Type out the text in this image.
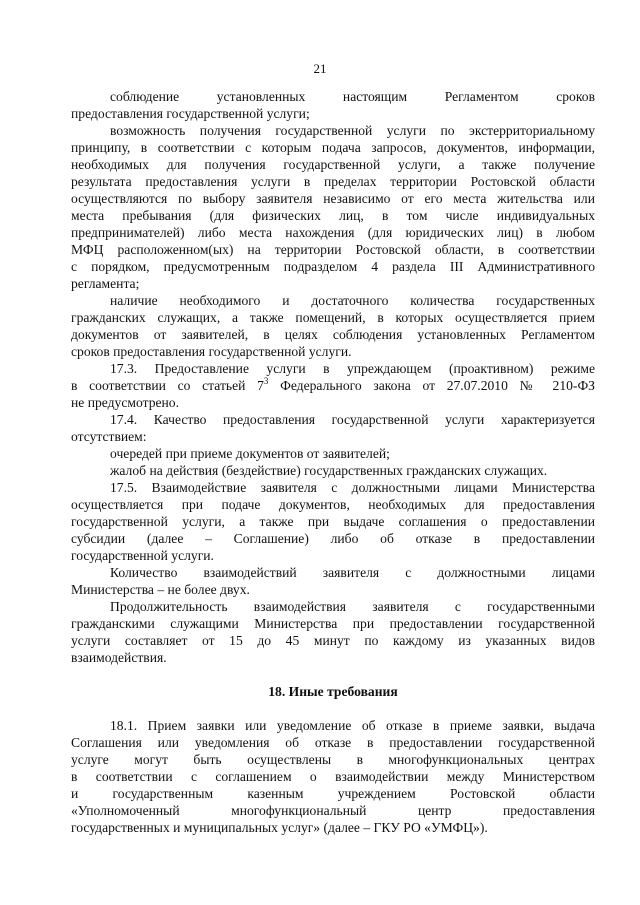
21
соблюдение установленных настоящим Регламентом сроков
предоставления государственной услуги;
возможность получения государственной услуги по экстерриториальному
принципу, в соответствии с которым подача запросов, документов, информации,
необходимых для получения государственной услуги, а также получение
результата предоставления услуги в пределах территории Ростовской области
осуществляются по выбору заявителя независимо от его места жительства или
места пребывания (для физических лиц, в том числе индивидуальных
предпринимателей) либо места нахождения (для юридических лиц) в любом
МФЦ расположенном(ых) на территории Ростовской области, в соответствии
с порядком, предусмотренным подразделом 4 раздела III Административного
регламента;
наличие необходимого и достаточного количества государственных
гражданских служащих, а также помещений, в которых осуществляется прием
документов от заявителей, в целях соблюдения установленных Регламентом
сроков предоставления государственной услуги.
17.3. Предоставление услуги в упреждающем (проактивном) режиме
в соответствии со статьей $7^3$ Федерального закона от 27.07.2010 № 210-ФЗ
не предусмотрено.
17.4. Качество предоставления государственной услуги характеризуется
отсутствием:
очередей при приеме документов от заявителей;
жалоб на действия (бездействие) государственных гражданских служащих.
17.5. Взаимодействие заявителя с должностными лицами Министерства
осуществляется при подаче документов, необходимых для предоставления
государственной услуги, а также при выдаче соглашения о предоставлении
субсидии (далее – Соглашение) либо об отказе в предоставлении
государственной услуги.
Количество взаимодействий заявителя с должностными лицами
Министерства – не более двух.
Продолжительность взаимодействия заявителя с государственными
гражданскими служащими Министерства при предоставлении государственной
услуги составляет от 15 до 45 минут по каждому из указанных видов
взаимодействия.
18. Иные требования
18.1. Прием заявки или уведомление об отказе в приеме заявки, выдача
Соглашения или уведомления об отказе в предоставлении государственной
услуге могут быть осуществлены в многофункциональных центрах
в соответствии с соглашением о взаимодействии между Министерством
и государственным казенным учреждением Ростовской области
«Уполномоченный многофункциональный центр предоставления
государственных и муниципальных услуг» (далее – ГКУ РО «УМФЦ»).
